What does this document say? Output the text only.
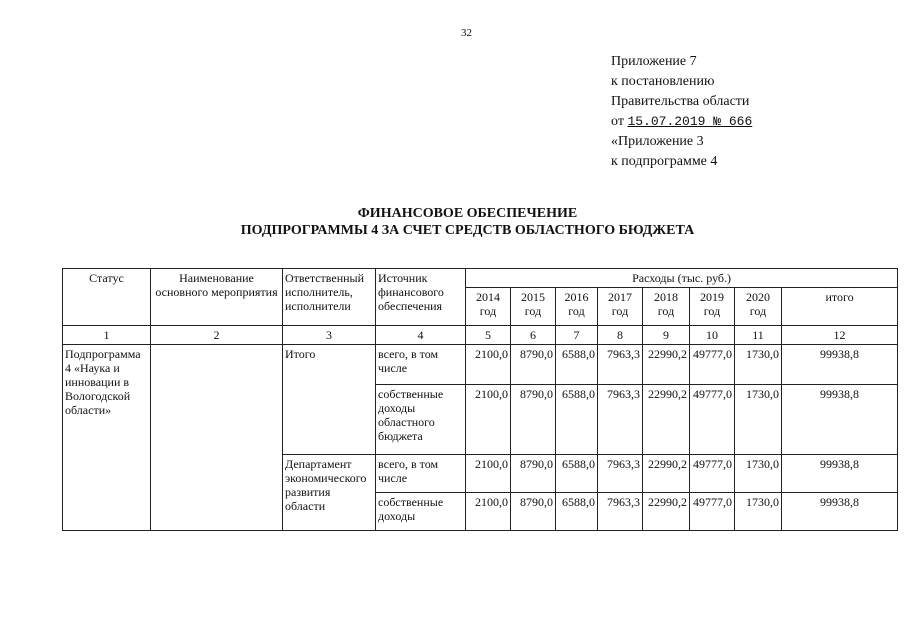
32
Приложение 7
к постановлению
Правительства области
от 15.07.2019 № 666
«Приложение 3
к подпрограмме 4
ФИНАНСОВОЕ ОБЕСПЕЧЕНИЕ
ПОДПРОГРАММЫ 4 ЗА СЧЕТ СРЕДСТВ ОБЛАСТНОГО БЮДЖЕТА
Статус	Наименование основного мероприятия	Ответственный исполнитель, исполнители	Источник финансового обеспечения	Расходы (тыс. руб.)							
				2014 год	2015 год	2016 год	2017 год	2018 год	2019 год	2020 год	итого
1	2	3	4	5	6	7	8	9	10	11	12
Подпрограмма 4 «Наука и инновации в Вологодской области»		Итого	всего, в том числе	2100,0	8790,0	6588,0	7963,3	22990,2	49777,0	1730,0	99938,8
			собственные доходы областного бюджета	2100,0	8790,0	6588,0	7963,3	22990,2	49777,0	1730,0	99938,8
		Департамент экономического развития области	всего, в том числе	2100,0	8790,0	6588,0	7963,3	22990,2	49777,0	1730,0	99938,8
			собственные доходы	2100,0	8790,0	6588,0	7963,3	22990,2	49777,0	1730,0	99938,8
